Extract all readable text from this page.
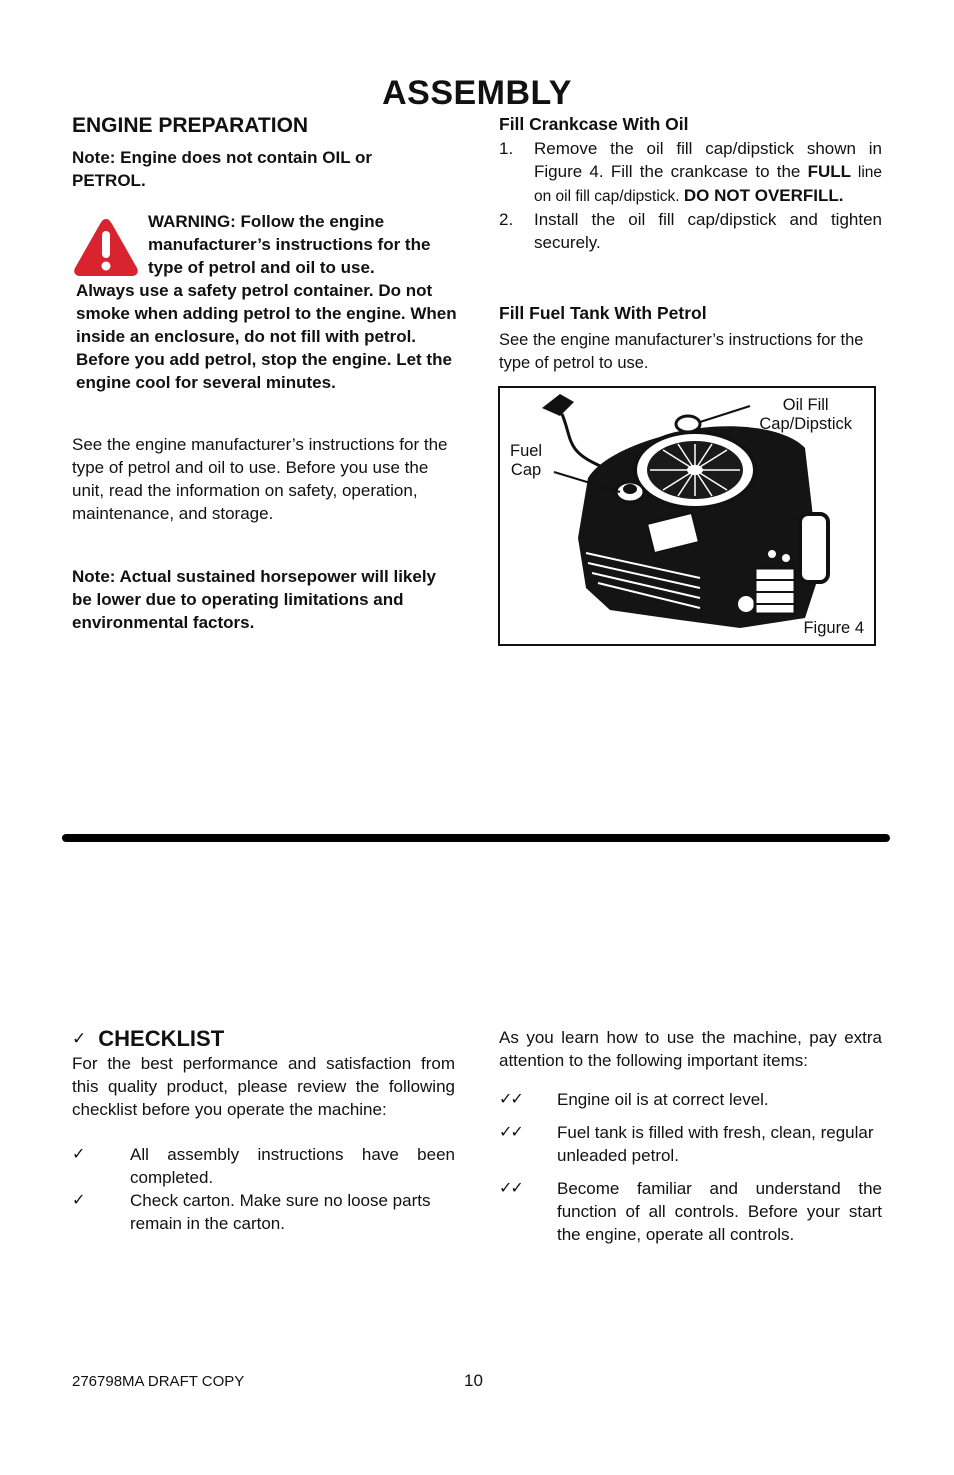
ASSEMBLY
ENGINE PREPARATION
Note: Engine does not contain OIL or PETROL.
WARNING: Follow the engine manufacturer’s instructions for the type of petrol and oil to use.
Always use a safety petrol container. Do not smoke when adding petrol to the engine. When inside an enclosure, do not fill with petrol. Before you add petrol, stop the engine. Let the engine cool for several minutes.
See the engine manufacturer’s instructions for the type of petrol and oil to use. Before you use the unit, read the information on safety, operation, maintenance, and storage.
Note: Actual sustained horsepower will likely be lower due to operating limitations and environmental factors.
Fill Crankcase With Oil
1. Remove the oil fill cap/dipstick shown in Figure 4. Fill the crankcase to the FULL line on oil fill cap/dipstick. DO NOT OVERFILL.
2. Install the oil fill cap/dipstick and tighten securely.
Fill Fuel Tank With Petrol
See the engine manufacturer’s instructions for the type of petrol to use.
Oil Fill
Cap/Dipstick
Fuel
Cap
Figure 4
✓ CHECKLIST
For the best performance and satisfaction from this quality product, please review the following checklist before you operate the machine:
✓	All assembly instructions have been completed.
✓	Check carton. Make sure no loose parts remain in the carton.
As you learn how to use the machine, pay extra attention to the following important items:
✓✓ Engine oil is at correct level.
✓✓ Fuel tank is filled with fresh, clean, regular unleaded petrol.
✓✓ Become familiar and understand the function of all controls. Before your start the engine, operate all controls.
276798MA DRAFT COPY	10
